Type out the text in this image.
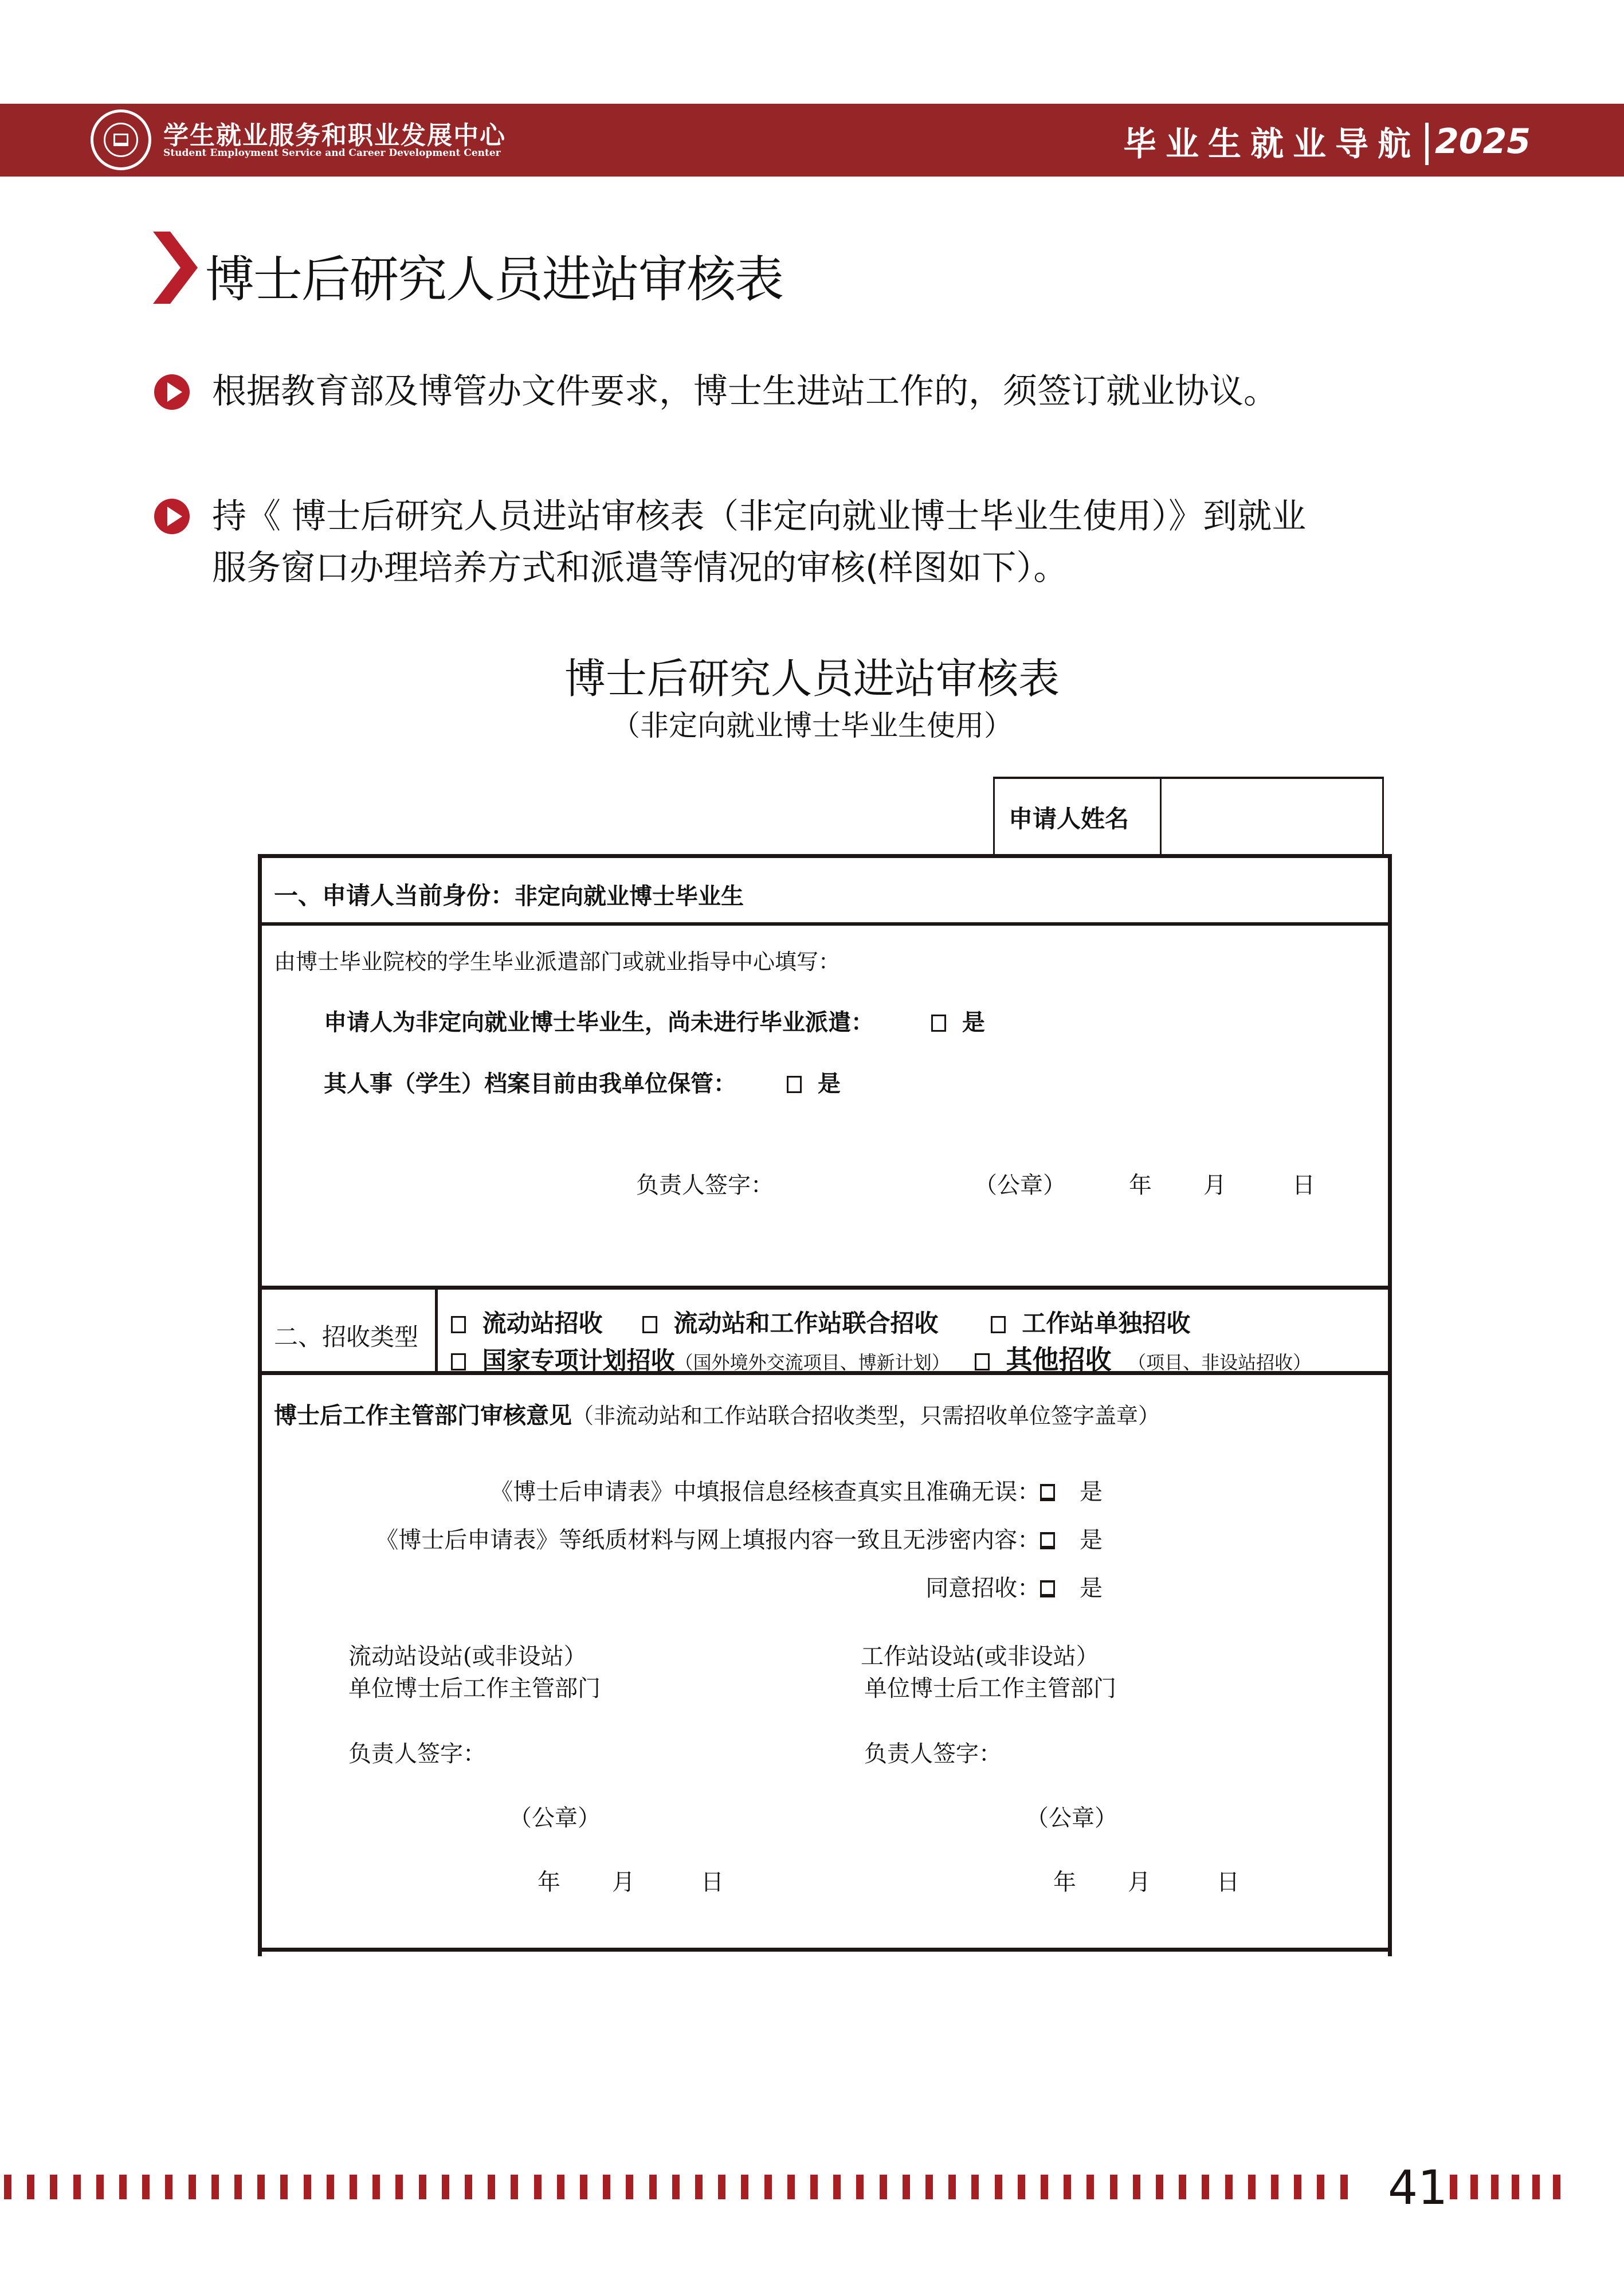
学生就业服务和职业发展中心
Student Employment Service and Career Development Center	毕业生就业导航 2025
博士后研究人员进站审核表
根据教育部及博管办文件要求，博士生进站工作的，须签订就业协议。
持《 博士后研究人员进站审核表（非定向就业博士毕业生使用）》到就业
服务窗口办理培养方式和派遣等情况的审核(样图如下）。
博士后研究人员进站审核表
（非定向就业博士毕业生使用）
申请人姓名
一、申请人当前身份：非定向就业博士毕业生
由博士毕业院校的学生毕业派遣部门或就业指导中心填写：
申请人为非定向就业博士毕业生，尚未进行毕业派遣：	是
其人事（学生）档案目前由我单位保管：	是
负责人签字：	（公章）	年 月	日
二、招收类型	流动站招收	流动站和工作站联合招收	工作站单独招收
国家专项计划招收（国外境外交流项目、博新计划） 其他招收 （项目、非设站招收）
博士后工作主管部门审核意见（非流动站和工作站联合招收类型，只需招收单位签字盖章）
《博士后申请表》中填报信息经核查真实且准确无误： 是
《博士后申请表》等纸质材料与网上填报内容一致且无涉密内容： 是
同意招收： 是
流动站设站(或非设站）
单位博士后工作主管部门
负责人签字：
（公章）
年 月	日
工作站设站(或非设站）
单位博士后工作主管部门
负责人签字：
（公章）
年 月	日
41
